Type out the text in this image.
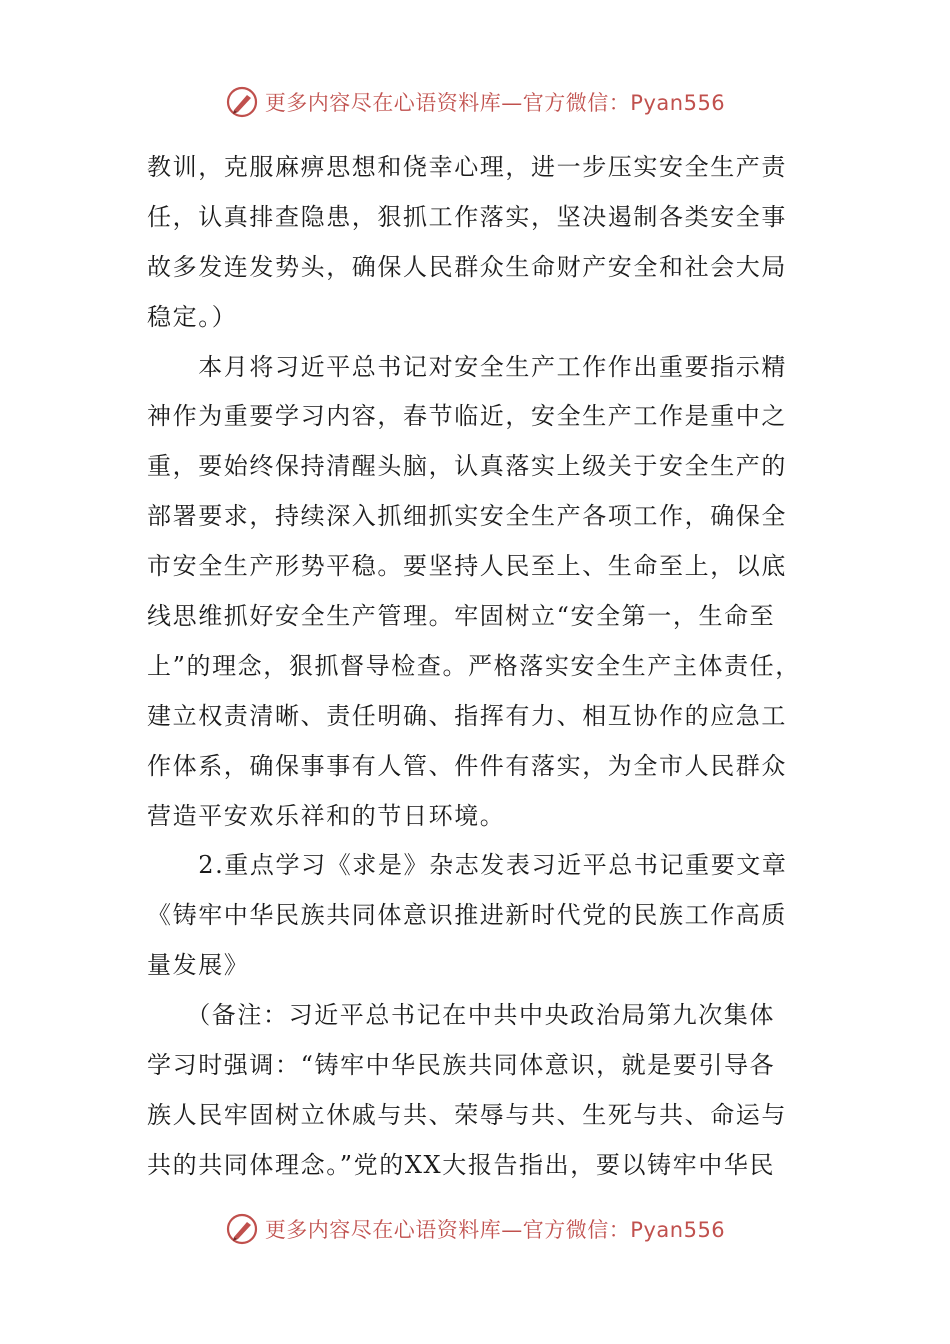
更多内容尽在心语资料库—官方微信：Pyan556
教训，克服麻痹思想和侥幸心理，进一步压实安全生产责
任，认真排查隐患，狠抓工作落实，坚决遏制各类安全事
故多发连发势头，确保人民群众生命财产安全和社会大局
稳定。）
　　本月将习近平总书记对安全生产工作作出重要指示精
神作为重要学习内容，春节临近，安全生产工作是重中之
重，要始终保持清醒头脑，认真落实上级关于安全生产的
部署要求，持续深入抓细抓实安全生产各项工作，确保全
市安全生产形势平稳。要坚持人民至上、生命至上，以底
线思维抓好安全生产管理。牢固树立“安全第一，生命至
上”的理念，狠抓督导检查。严格落实安全生产主体责任，
建立权责清晰、责任明确、指挥有力、相互协作的应急工
作体系，确保事事有人管、件件有落实，为全市人民群众
营造平安欢乐祥和的节日环境。
　　2.重点学习《求是》杂志发表习近平总书记重要文章
《铸牢中华民族共同体意识推进新时代党的民族工作高质
量发展》
　　（备注：习近平总书记在中共中央政治局第九次集体
学习时强调：“铸牢中华民族共同体意识，就是要引导各
族人民牢固树立休戚与共、荣辱与共、生死与共、命运与
共的共同体理念。”党的XX大报告指出，要以铸牢中华民
更多内容尽在心语资料库—官方微信：Pyan556
